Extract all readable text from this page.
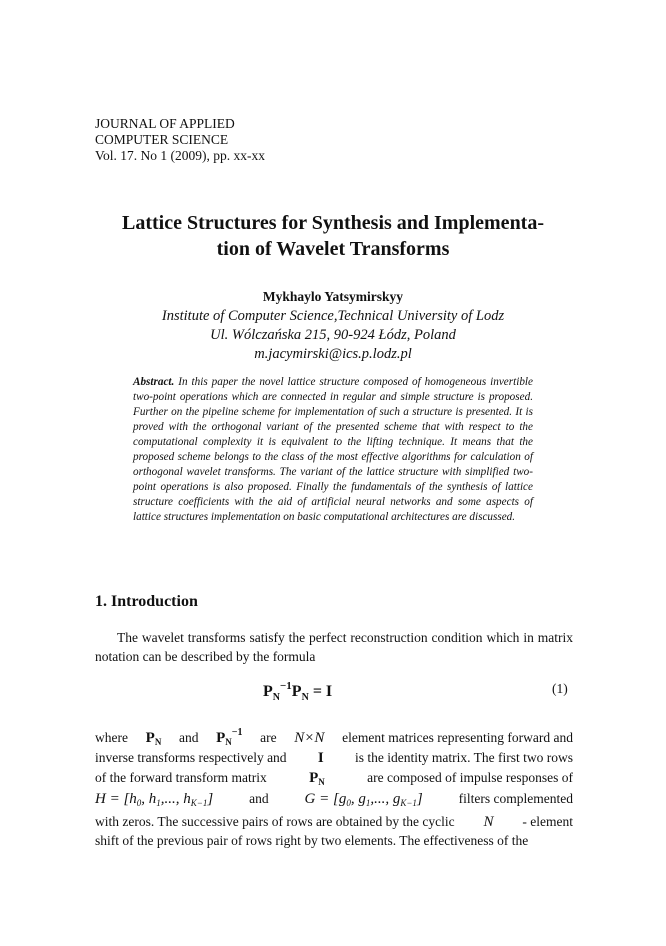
JOURNAL OF APPLIED
COMPUTER SCIENCE
Vol. 17. No 1 (2009), pp. xx-xx
Lattice Structures for Synthesis and Implementa-
tion of Wavelet Transforms
Mykhaylo Yatsymirskyy
Institute of Computer Science,Technical University of Lodz
Ul. Wólczańska 215, 90-924 Łódz, Poland
m.jacymirski@ics.p.lodz.pl
Abstract. In this paper the novel lattice structure composed of homogeneous invertible two-point operations which are connected in regular and simple structure is proposed. Further on the pipeline scheme for implementation of such a structure is presented. It is proved with the orthogonal variant of the presented scheme that with respect to the computational complexity it is equivalent to the lifting technique. It means that the proposed scheme belongs to the class of the most effective algorithms for calculation of orthogonal wavelet transforms. The variant of the lattice structure with simplified two-point operations is also proposed. Finally the fundamentals of the synthesis of lattice structure coefficients with the aid of artificial neural networks and some aspects of lattice structures implementation on basic computational architectures are discussed.
1. Introduction
The wavelet transforms satisfy the perfect reconstruction condition which in matrix notation can be described by the formula
$P_N^{-1}P_N = I$	(1)
where $P_N$ and $P_N^{-1}$ are N×N element matrices representing forward and
inverse transforms respectively and I is the identity matrix. The first two rows
of the forward transform matrix	$P_N$	are composed of impulse responses of
$H = [h_0$, $h_1$,..., $h_{K-1}$]	and $G = [g_0$, $g_1$,..., $g_{K-1}$]	filters complemented
with zeros. The successive pairs of rows are obtained by the cyclic N - element
shift of the previous pair of rows right by two elements. The effectiveness of the
